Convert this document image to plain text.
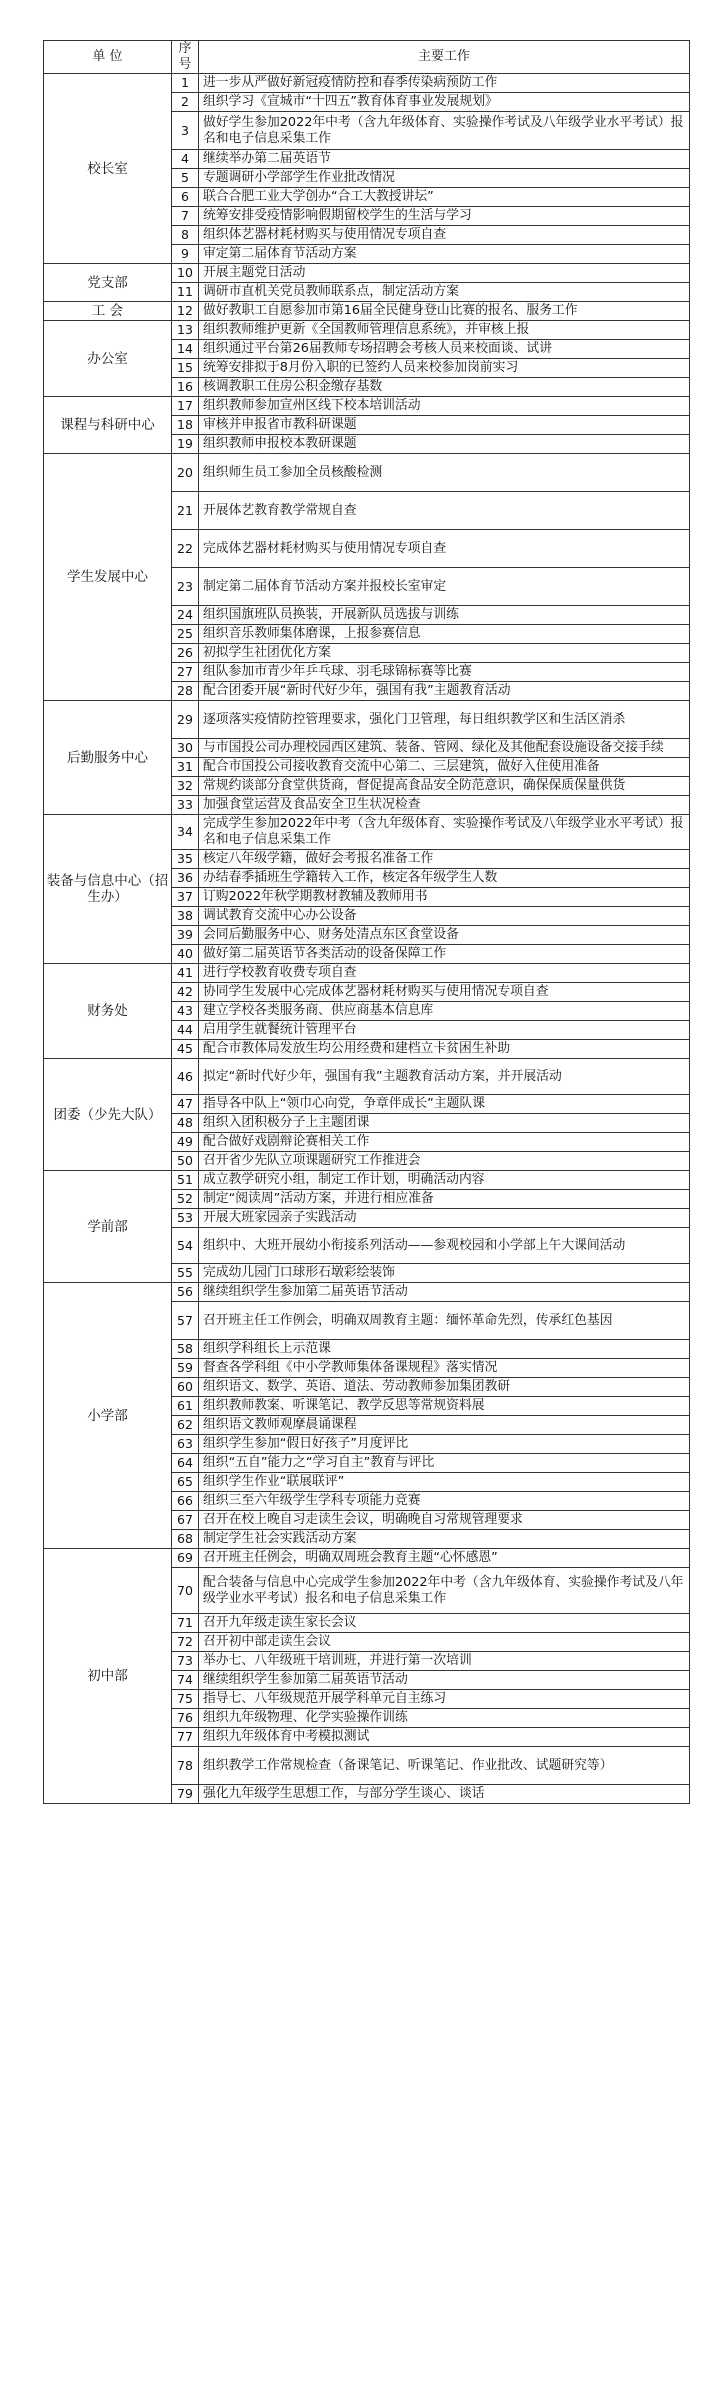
单 位	序号	主要工作
校长室	1	进一步从严做好新冠疫情防控和春季传染病预防工作
	2	组织学习《宣城市“十四五”教育体育事业发展规划》
	3	做好学生参加2022年中考（含九年级体育、实验操作考试及八年级学业水平考试）报名和电子信息采集工作
	4	继续举办第二届英语节
	5	专题调研小学部学生作业批改情况
	6	联合合肥工业大学创办“合工大教授讲坛”
	7	统筹安排受疫情影响假期留校学生的生活与学习
	8	组织体艺器材耗材购买与使用情况专项自查
	9	审定第二届体育节活动方案
党支部	10	开展主题党日活动
	11	调研市直机关党员教师联系点，制定活动方案
工 会	12	做好教职工自愿参加市第16届全民健身登山比赛的报名、服务工作
办公室	13	组织教师维护更新《全国教师管理信息系统》，并审核上报
	14	组织通过平台第26届教师专场招聘会考核人员来校面谈、试讲
	15	统筹安排拟于8月份入职的已签约人员来校参加岗前实习
	16	核调教职工住房公积金缴存基数
课程与科研中心	17	组织教师参加宣州区线下校本培训活动
	18	审核并申报省市教科研课题
	19	组织教师申报校本教研课题
学生发展中心	20	组织师生员工参加全员核酸检测
	21	开展体艺教育教学常规自查
	22	完成体艺器材耗材购买与使用情况专项自查
	23	制定第二届体育节活动方案并报校长室审定
	24	组织国旗班队员换装，开展新队员选拔与训练
	25	组织音乐教师集体磨课，上报参赛信息
	26	初拟学生社团优化方案
	27	组队参加市青少年乒乓球、羽毛球锦标赛等比赛
	28	配合团委开展“新时代好少年，强国有我”主题教育活动
后勤服务中心	29	逐项落实疫情防控管理要求，强化门卫管理，每日组织教学区和生活区消杀
	30	与市国投公司办理校园西区建筑、装备、管网、绿化及其他配套设施设备交接手续
	31	配合市国投公司接收教育交流中心第二、三层建筑，做好入住使用准备
	32	常规约谈部分食堂供货商，督促提高食品安全防范意识，确保保质保量供货
	33	加强食堂运营及食品安全卫生状况检查
装备与信息中心（招生办）	34	完成学生参加2022年中考（含九年级体育、实验操作考试及八年级学业水平考试）报名和电子信息采集工作
	35	核定八年级学籍，做好会考报名准备工作
	36	办结春季插班生学籍转入工作，核定各年级学生人数
	37	订购2022年秋学期教材教辅及教师用书
	38	调试教育交流中心办公设备
	39	会同后勤服务中心、财务处清点东区食堂设备
	40	做好第二届英语节各类活动的设备保障工作
财务处	41	进行学校教育收费专项自查
	42	协同学生发展中心完成体艺器材耗材购买与使用情况专项自查
	43	建立学校各类服务商、供应商基本信息库
	44	启用学生就餐统计管理平台
	45	配合市教体局发放生均公用经费和建档立卡贫困生补助
团委（少先大队）	46	拟定“新时代好少年，强国有我”主题教育活动方案，并开展活动
	47	指导各中队上“领巾心向党，争章伴成长”主题队课
	48	组织入团积极分子上主题团课
	49	配合做好戏剧辩论赛相关工作
	50	召开省少先队立项课题研究工作推进会
学前部	51	成立教学研究小组，制定工作计划，明确活动内容
	52	制定“阅读周”活动方案，并进行相应准备
	53	开展大班家园亲子实践活动
	54	组织中、大班开展幼小衔接系列活动——参观校园和小学部上午大课间活动
	55	完成幼儿园门口球形石墩彩绘装饰
小学部	56	继续组织学生参加第二届英语节活动
	57	召开班主任工作例会，明确双周教育主题：缅怀革命先烈，传承红色基因
	58	组织学科组长上示范课
	59	督查各学科组《中小学教师集体备课规程》落实情况
	60	组织语文、数学、英语、道法、劳动教师参加集团教研
	61	组织教师教案、听课笔记、教学反思等常规资料展
	62	组织语文教师观摩晨诵课程
	63	组织学生参加“假日好孩子”月度评比
	64	组织“五自”能力之“学习自主”教育与评比
	65	组织学生作业“联展联评”
	66	组织三至六年级学生学科专项能力竞赛
	67	召开在校上晚自习走读生会议，明确晚自习常规管理要求
	68	制定学生社会实践活动方案
初中部	69	召开班主任例会，明确双周班会教育主题“心怀感恩”
	70	配合装备与信息中心完成学生参加2022年中考（含九年级体育、实验操作考试及八年级学业水平考试）报名和电子信息采集工作
	71	召开九年级走读生家长会议
	72	召开初中部走读生会议
	73	举办七、八年级班干培训班，并进行第一次培训
	74	继续组织学生参加第二届英语节活动
	75	指导七、八年级规范开展学科单元自主练习
	76	组织九年级物理、化学实验操作训练
	77	组织九年级体育中考模拟测试
	78	组织教学工作常规检查（备课笔记、听课笔记、作业批改、试题研究等）
	79	强化九年级学生思想工作，与部分学生谈心、谈话
